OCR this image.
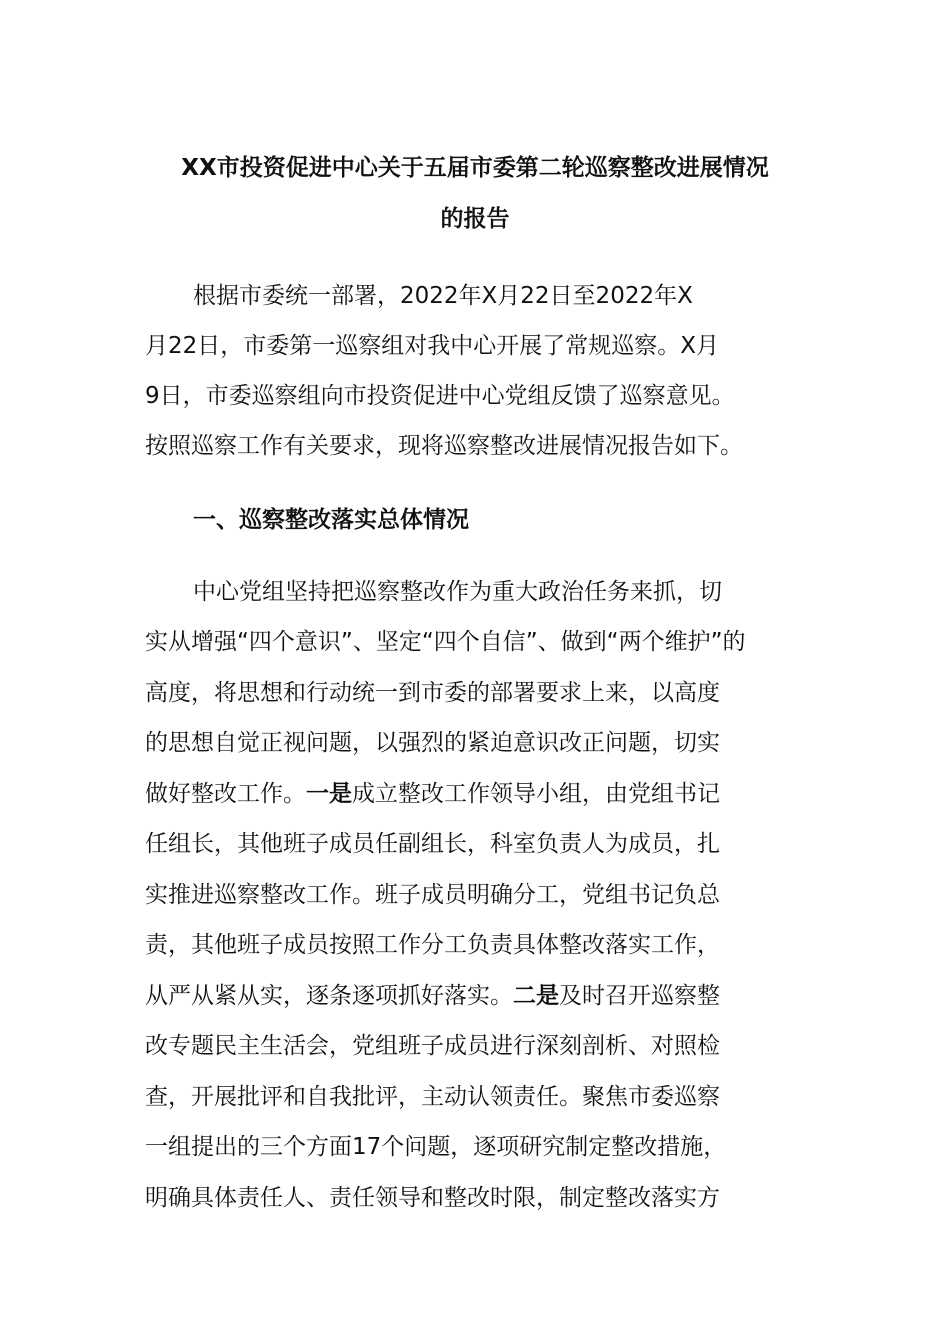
XX市投资促进中心关于五届市委第二轮巡察整改进展情况
的报告
根据市委统一部署，2022年X月22日至2022年X
月22日，市委第一巡察组对我中心开展了常规巡察。X月
9日，市委巡察组向市投资促进中心党组反馈了巡察意见。
按照巡察工作有关要求，现将巡察整改进展情况报告如下。
一、巡察整改落实总体情况
中心党组坚持把巡察整改作为重大政治任务来抓，切
实从增强“四个意识”、坚定“四个自信”、做到“两个维护”的
高度，将思想和行动统一到市委的部署要求上来，以高度
的思想自觉正视问题，以强烈的紧迫意识改正问题，切实
做好整改工作。一是成立整改工作领导小组，由党组书记
任组长，其他班子成员任副组长，科室负责人为成员，扎
实推进巡察整改工作。班子成员明确分工，党组书记负总
责，其他班子成员按照工作分工负责具体整改落实工作，
从严从紧从实，逐条逐项抓好落实。二是及时召开巡察整
改专题民主生活会，党组班子成员进行深刻剖析、对照检
查，开展批评和自我批评，主动认领责任。聚焦市委巡察
一组提出的三个方面17个问题，逐项研究制定整改措施，
明确具体责任人、责任领导和整改时限，制定整改落实方
